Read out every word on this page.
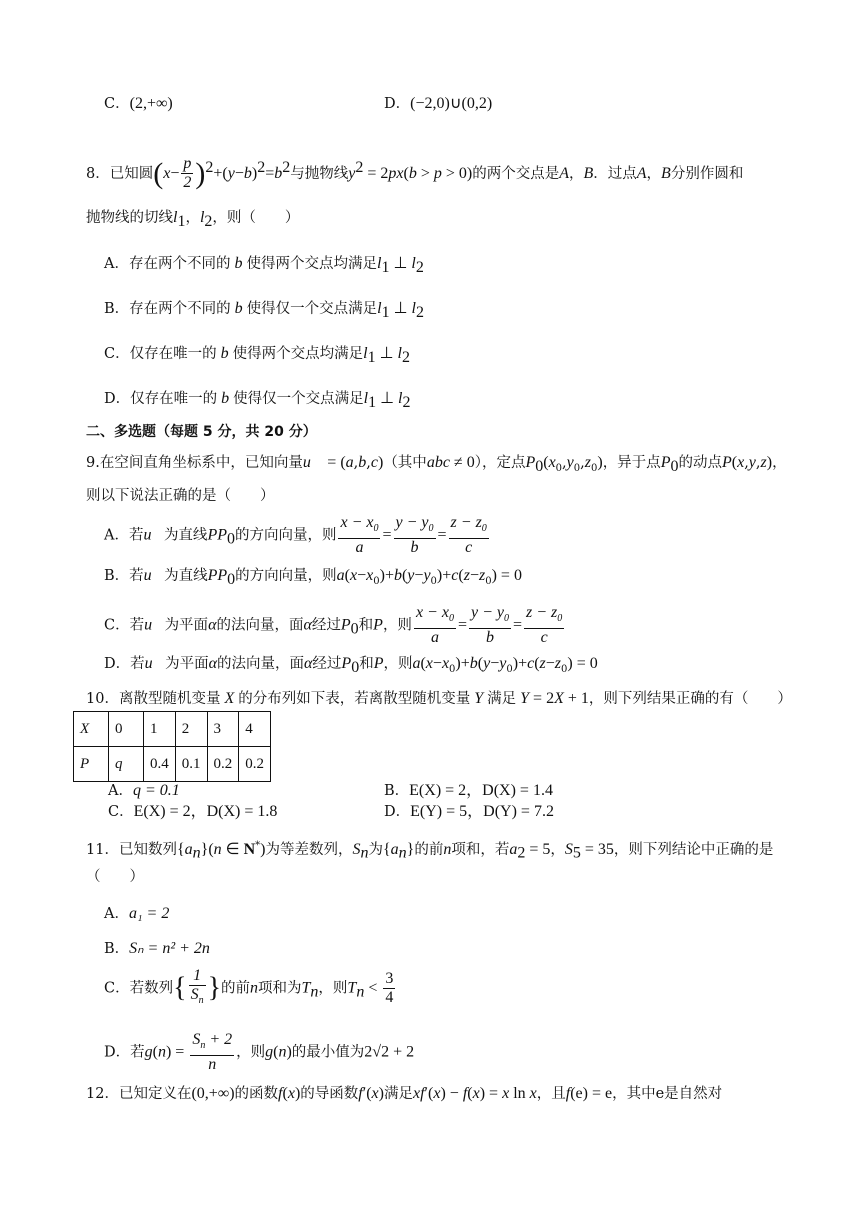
C．(2,+∞)	D．(−2,0)∪(0,2)
8．已知圆$(x- \frac{p}{2} )^2+(y-b)^2=b^2$与抛物线$y^2 = 2px(b > p > 0)$的两个交点是A，B．过点A，B分别作圆和
抛物线的切线$l_1$，$l_2$，则（　　）
A．存在两个不同的 b 使得两个交点均满足$l_1$ ⊥ $l_2$
B．存在两个不同的 b 使得仅一个交点满足$l_1$ ⊥ $l_2$
C．仅存在唯一的 b 使得两个交点均满足$l_1$ ⊥ $l_2$
D．仅存在唯一的 b 使得仅一个交点满足$l_1$ ⊥ $l_2$
二、多选题（每题 5 分，共 20 分）
9.在空间直角坐标系中，已知向量u⃗ = (a,b,c)（其中abc ≠ 0），定点$P_0(x_0,y_0,z_0)$，异于点$P_0$的动点P(x,y,z)，
则以下说法正确的是（　　）
A．若u⃗为直线$PP_0$的方向向量，则 $\frac{x - x_0}{a} = \frac{y - y_0}{b} = \frac{z - z_0}{c}$
B．若u⃗为直线$PP_0$的方向向量，则$a(x-x_0)+b(y-y_0)+c(z-z_0) = 0$
C．若u⃗为平面α的法向量，面α经过$P_0$和P，则 $\frac{x - x_0}{a} = \frac{y - y_0}{b} = \frac{z - z_0}{c}$
D．若u⃗为平面α的法向量，面α经过$P_0$和P，则$a(x-x_0)+b(y-y_0)+c(z-z_0) = 0$
10．离散型随机变量 X 的分布列如下表，若离散型随机变量 Y 满足 Y = 2X + 1，则下列结果正确的有（　　）
X	0	1	2	3	4
P	q	0.4	0.1	0.2	0.2
A．q = 0.1	B．E(X) = 2，D(X) = 1.4
C．E(X) = 2，D(X) = 1.8	D．E(Y) = 5，D(Y) = 7.2
11．已知数列$\{a_n\}(n$ ∈ N*)为等差数列，$S_n$为$\{a_n\}$的前n项和，若$a_2 = 5$，$S_5 = 35$，则下列结论中正确的是
（　　）
A．a₁ = 2
B．Sₙ = n² + 2n
C．若数列{ $\frac{1}{S_n}$ }的前n项和为$T_n$，则$T_n < \frac{3}{4}$
D．若$g(n) = \frac{S_n + 2}{n}$ ，则g(n)的最小值为2√2 + 2
12．已知定义在(0,+∞)的函数f(x)的导函数f′(x)满足xf′(x) − f(x) = x ln x，且f(e) = e，其中e是自然对
